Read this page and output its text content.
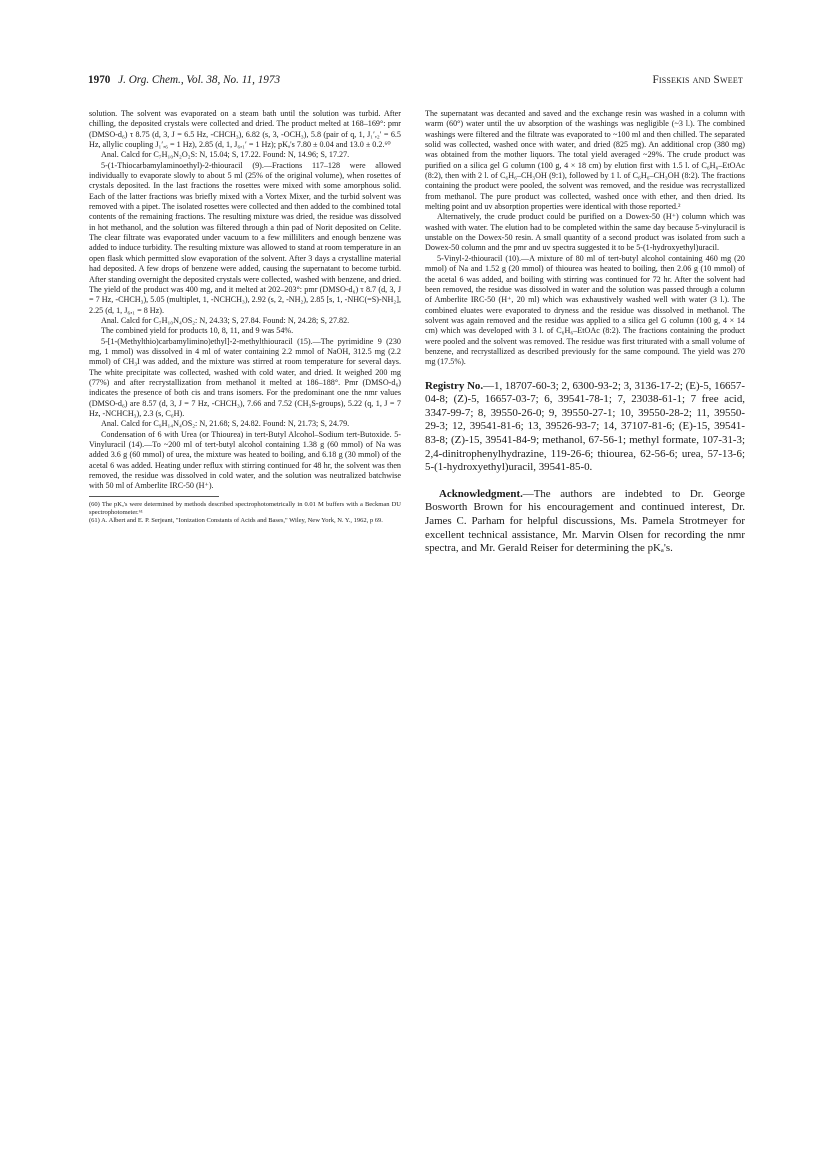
1970 J. Org. Chem., Vol. 38, No. 11, 1973	Fissekis and Sweet

solution. The solvent was evaporated on a steam bath until the solution was turbid. After chilling, the deposited crystals were collected and dried. The product melted at 168–169°: pmr (DMSO-d₆) τ 8.75 (d, 3, J = 6.5 Hz, -CHCH₃), 6.82 (s, 3, -OCH₃), 5.8 (pair of q, 1, J₁′,₂′ = 6.5 Hz, allylic coupling J₁′,₆ = 1 Hz), 2.85 (d, 1, J₆,₁′ = 1 Hz); pKₐ's 7.80 ± 0.04 and 13.0 ± 0.2.⁶⁰

Anal. Calcd for C₇H₁₀N₂O₂S: N, 15.04; S, 17.22. Found: N, 14.96; S, 17.27.

5-(1-Thiocarbamylaminoethyl)-2-thiouracil (9).—Fractions 117–128 were allowed individually to evaporate slowly to about 5 ml (25% of the original volume), when rosettes of crystals deposited. In the last fractions the rosettes were mixed with some amorphous solid. Each of the latter fractions was briefly mixed with a Vortex Mixer, and the turbid solvent was removed with a pipet. The isolated rosettes were collected and then added to the combined total contents of the remaining fractions. The resulting mixture was dried, the residue was dissolved in hot methanol, and the solution was filtered through a thin pad of Norit deposited on Celite. The clear filtrate was evaporated under vacuum to a few milliliters and enough benzene was added to induce turbidity. The resulting mixture was allowed to stand at room temperature in an open flask which permitted slow evaporation of the solvent. After 3 days a crystalline material had deposited. A few drops of benzene were added, causing the supernatant to become turbid. After standing overnight the deposited crystals were collected, washed with benzene, and dried. The yield of the product was 400 mg, and it melted at 202–203°: pmr (DMSO-d₆) τ 8.7 (d, 3, J = 7 Hz, -CHCH₃), 5.05 (multiplet, 1, -NCHCH₃), 2.92 (s, 2, -NH₂), 2.85 [s, 1, -NHC(=S)-NH₂], 2.25 (d, 1, J₆,₁ = 8 Hz).

Anal. Calcd for C₇H₁₀N₄OS₂: N, 24.33; S, 27.84. Found: N, 24.28; S, 27.82.

The combined yield for products 10, 8, 11, and 9 was 54%.

5-[1-(Methylthio)carbamylimino)ethyl]-2-methylthiouracil (15).—The pyrimidine 9 (230 mg, 1 mmol) was dissolved in 4 ml of water containing 2.2 mmol of NaOH, 312.5 mg (2.2 mmol) of CH₃I was added, and the mixture was stirred at room temperature for several days. The white precipitate was collected, washed with cold water, and dried. It weighed 200 mg (77%) and after recrystallization from methanol it melted at 186–188°. Pmr (DMSO-d₆) indicates the presence of both cis and trans isomers. For the predominant one the nmr values (DMSO-d₆) are 8.57 (d, 3, J = 7 Hz, -CHCH₃), 7.66 and 7.52 (CH₃S-groups), 5.22 (q, 1, J = 7 Hz, -NCHCH₃), 2.3 (s, C₆H).

Anal. Calcd for C₉H₁₄N₄OS₂: N, 21.68; S, 24.82. Found: N, 21.73; S, 24.79.

Condensation of 6 with Urea (or Thiourea) in tert-Butyl Alcohol–Sodium tert-Butoxide. 5-Vinyluracil (14).—To ~200 ml of tert-butyl alcohol containing 1.38 g (60 mmol) of Na was added 3.6 g (60 mmol) of urea, the mixture was heated to boiling, and 6.18 g (30 mmol) of the acetal 6 was added. Heating under reflux with stirring continued for 48 hr, the solvent was then removed, the residue was dissolved in cold water, and the solution was neutralized batchwise with 50 ml of Amberlite IRC-50 (H⁺).

(60) The pKₐ's were determined by methods described spectrophotometrically in 0.01 M buffers with a Beckman DU spectrophotometer.⁶¹

(61) A. Albert and E. P. Serjeant, "Ionization Constants of Acids and Bases," Wiley, New York, N. Y., 1962, p 69.

The supernatant was decanted and saved and the exchange resin was washed in a column with warm (60°) water until the uv absorption of the washings was negligible (~3 l.). The combined washings were filtered and the filtrate was evaporated to ~100 ml and then chilled. The separated solid was collected, washed once with water, and dried (825 mg). An additional crop (380 mg) was obtained from the mother liquors. The total yield averaged ~29%. The crude product was purified on a silica gel G column (100 g, 4 × 18 cm) by elution first with 1.5 l. of C₆H₆–EtOAc (8:2), then with 2 l. of C₆H₆–CH₃OH (9:1), followed by 1 l. of C₆H₆–CH₃OH (8:2). The fractions containing the product were pooled, the solvent was removed, and the residue was recrystallized from methanol. The pure product was collected, washed once with ether, and then dried. Its melting point and uv absorption properties were identical with those reported.²

Alternatively, the crude product could be purified on a Dowex-50 (H⁺) column which was washed with water. The elution had to be completed within the same day because 5-vinyluracil is unstable on the Dowex-50 resin. A small quantity of a second product was isolated from such a Dowex-50 column and the pmr and uv spectra suggested it to be 5-(1-hydroxyethyl)uracil.

5-Vinyl-2-thiouracil (10).—A mixture of 80 ml of tert-butyl alcohol containing 460 mg (20 mmol) of Na and 1.52 g (20 mmol) of thiourea was heated to boiling, then 2.06 g (10 mmol) of the acetal 6 was added, and boiling with stirring was continued for 72 hr. After the solvent had been removed, the residue was dissolved in water and the solution was passed through a column of Amberlite IRC-50 (H⁺, 20 ml) which was exhaustively washed well with water (3 l.). The combined eluates were evaporated to dryness and the residue was dissolved in methanol. The solvent was again removed and the residue was applied to a silica gel G column (100 g, 4 × 14 cm) which was developed with 3 l. of C₆H₆–EtOAc (8:2). The fractions containing the product were pooled and the solvent was removed. The residue was first triturated with a small volume of benzene, and recrystallized as described previously for the same compound. The yield was 270 mg (17.5%).

Registry No.—1, 18707-60-3; 2, 6300-93-2; 3, 3136-17-2; (E)-5, 16657-04-8; (Z)-5, 16657-03-7; 6, 39541-78-1; 7, 23038-61-1; 7 free acid, 3347-99-7; 8, 39550-26-0; 9, 39550-27-1; 10, 39550-28-2; 11, 39550-29-3; 12, 39541-81-6; 13, 39526-93-7; 14, 37107-81-6; (E)-15, 39541-83-8; (Z)-15, 39541-84-9; methanol, 67-56-1; methyl formate, 107-31-3; 2,4-dinitrophenylhydrazine, 119-26-6; thiourea, 62-56-6; urea, 57-13-6; 5-(1-hydroxyethyl)uracil, 39541-85-0.
Acknowledgment.—The authors are indebted to Dr. George Bosworth Brown for his encouragement and continued interest, Dr. James C. Parham for helpful discussions, Ms. Pamela Strotmeyer for excellent technical assistance, Mr. Marvin Olsen for recording the nmr spectra, and Mr. Gerald Reiser for determining the pKₐ's.
